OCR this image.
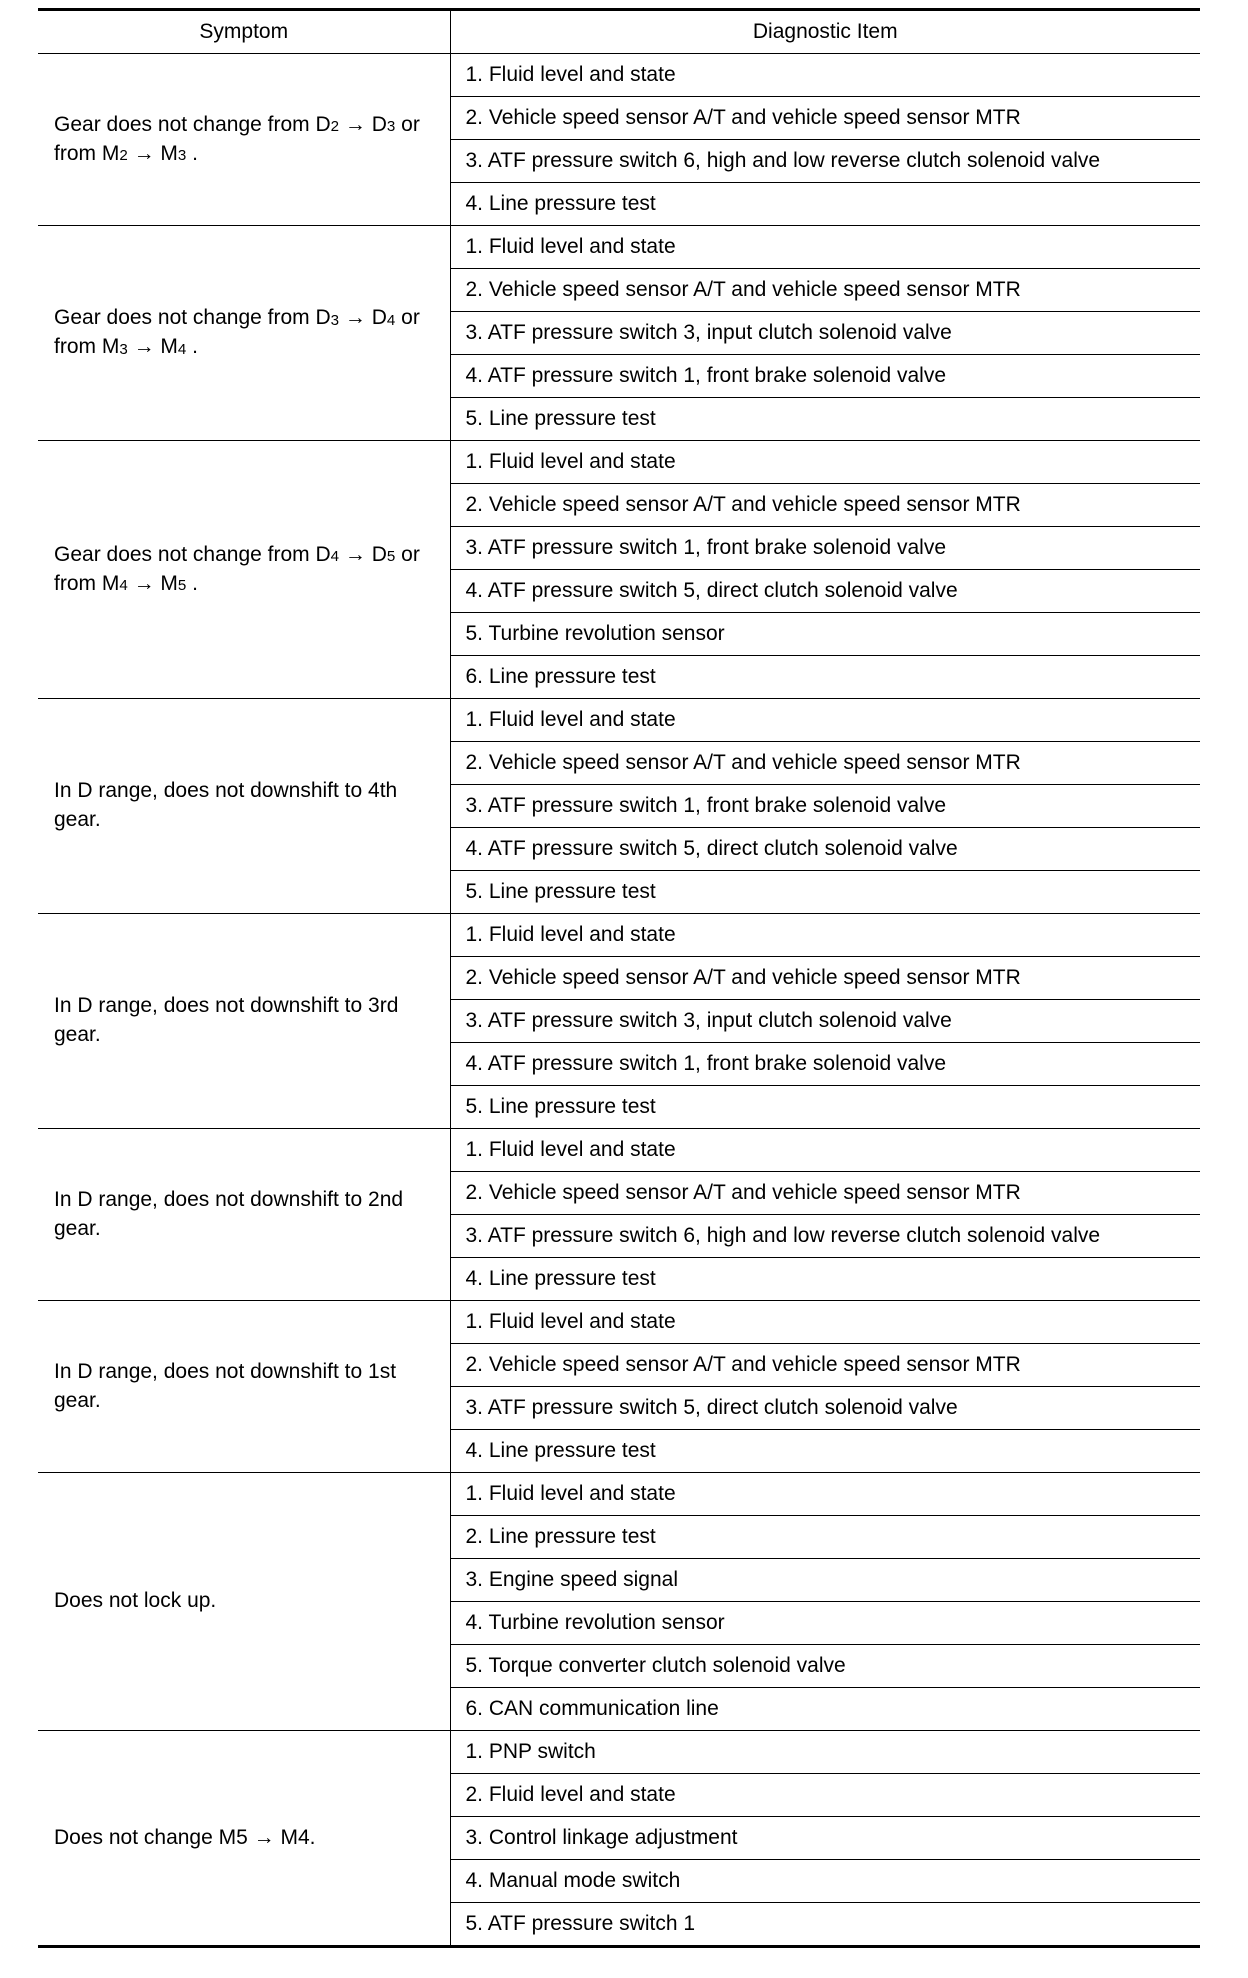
Symptom	Diagnostic Item
Gear does not change from $D_2 \to D_3$ or from $M_2 \to M_3$ .	1. Fluid level and state
	2. Vehicle speed sensor A/T and vehicle speed sensor MTR
	3. ATF pressure switch 6, high and low reverse clutch solenoid valve
	4. Line pressure test
Gear does not change from $D_3 \to D_4$ or from $M_3 \to M_4$ .	1. Fluid level and state
	2. Vehicle speed sensor A/T and vehicle speed sensor MTR
	3. ATF pressure switch 3, input clutch solenoid valve
	4. ATF pressure switch 1, front brake solenoid valve
	5. Line pressure test
Gear does not change from $D_4 \to D_5$ or from $M_4 \to M_5$ .	1. Fluid level and state
	2. Vehicle speed sensor A/T and vehicle speed sensor MTR
	3. ATF pressure switch 1, front brake solenoid valve
	4. ATF pressure switch 5, direct clutch solenoid valve
	5. Turbine revolution sensor
	6. Line pressure test
In D range, does not downshift to 4th gear.	1. Fluid level and state
	2. Vehicle speed sensor A/T and vehicle speed sensor MTR
	3. ATF pressure switch 1, front brake solenoid valve
	4. ATF pressure switch 5, direct clutch solenoid valve
	5. Line pressure test
In D range, does not downshift to 3rd gear.	1. Fluid level and state
	2. Vehicle speed sensor A/T and vehicle speed sensor MTR
	3. ATF pressure switch 3, input clutch solenoid valve
	4. ATF pressure switch 1, front brake solenoid valve
	5. Line pressure test
In D range, does not downshift to 2nd gear.	1. Fluid level and state
	2. Vehicle speed sensor A/T and vehicle speed sensor MTR
	3. ATF pressure switch 6, high and low reverse clutch solenoid valve
	4. Line pressure test
In D range, does not downshift to 1st gear.	1. Fluid level and state
	2. Vehicle speed sensor A/T and vehicle speed sensor MTR
	3. ATF pressure switch 5, direct clutch solenoid valve
	4. Line pressure test
Does not lock up.	1. Fluid level and state
	2. Line pressure test
	3. Engine speed signal
	4. Turbine revolution sensor
	5. Torque converter clutch solenoid valve
	6. CAN communication line
Does not change M5 → M4.	1. PNP switch
	2. Fluid level and state
	3. Control linkage adjustment
	4. Manual mode switch
	5. ATF pressure switch 1
